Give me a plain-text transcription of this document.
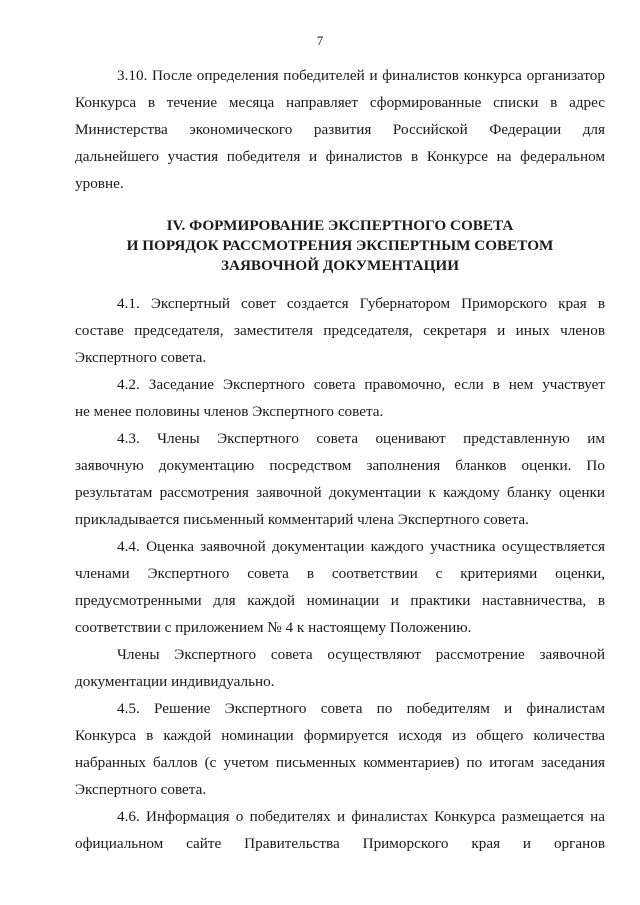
7
3.10. После определения победителей и финалистов конкурса организатор
Конкурса в течение месяца направляет сформированные списки в адрес
Министерства экономического развития Российской Федерации для
дальнейшего участия победителя и финалистов в Конкурсе на федеральном
уровне.
IV. ФОРМИРОВАНИЕ ЭКСПЕРТНОГО СОВЕТА
И ПОРЯДОК РАССМОТРЕНИЯ ЭКСПЕРТНЫМ СОВЕТОМ
ЗАЯВОЧНОЙ ДОКУМЕНТАЦИИ
4.1. Экспертный совет создается Губернатором Приморского края в
составе председателя, заместителя председателя, секретаря и иных членов
Экспертного совета.
4.2. Заседание Экспертного совета правомочно, если в нем участвует
не менее половины членов Экспертного совета.
4.3. Члены Экспертного совета оценивают представленную им
заявочную документацию посредством заполнения бланков оценки. По
результатам рассмотрения заявочной документации к каждому бланку оценки
прикладывается письменный комментарий члена Экспертного совета.
4.4. Оценка заявочной документации каждого участника осуществляется
членами Экспертного совета в соответствии с критериями оценки,
предусмотренными для каждой номинации и практики наставничества, в
соответствии с приложением № 4 к настоящему Положению.
Члены Экспертного совета осуществляют рассмотрение заявочной
документации индивидуально.
4.5. Решение Экспертного совета по победителям и финалистам
Конкурса в каждой номинации формируется исходя из общего количества
набранных баллов (с учетом письменных комментариев) по итогам заседания
Экспертного совета.
4.6. Информация о победителях и финалистах Конкурса размещается на
официальном сайте Правительства Приморского края и органов
